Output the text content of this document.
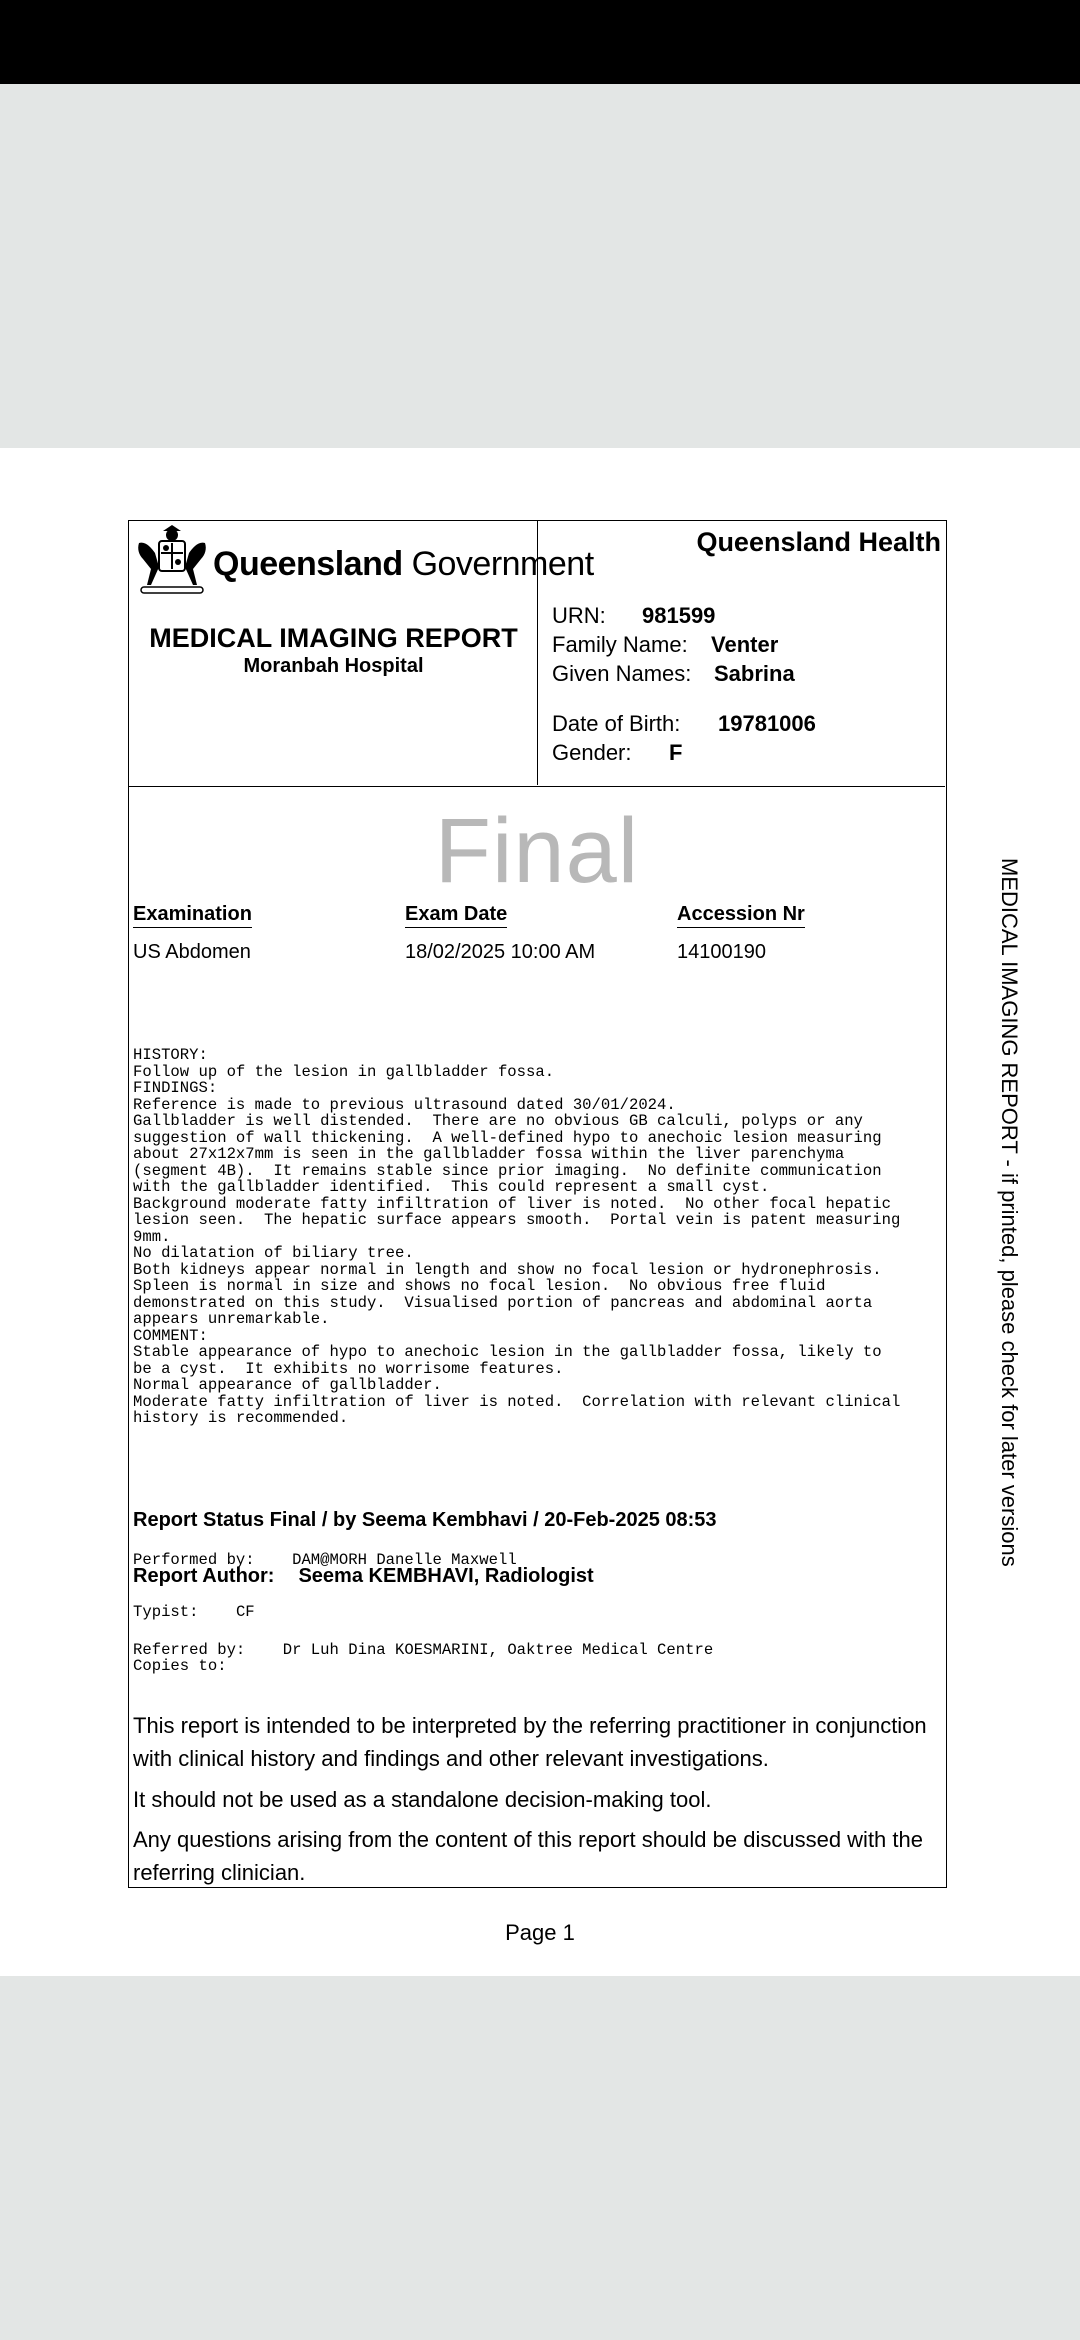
Queensland Government
MEDICAL IMAGING REPORT
Moranbah Hospital
Queensland Health
URN: 981599
Family Name: Venter
Given Names: Sabrina
Date of Birth: 19781006
Gender: F
Final
Examination	Exam Date	Accession Nr
US Abdomen	18/02/2025 10:00 AM	14100190
HISTORY:
Follow up of the lesion in gallbladder fossa.
FINDINGS:
Reference is made to previous ultrasound dated 30/01/2024.
Gallbladder is well distended.  There are no obvious GB calculi, polyps or any
suggestion of wall thickening.  A well-defined hypo to anechoic lesion measuring
about 27x12x7mm is seen in the gallbladder fossa within the liver parenchyma
(segment 4B).  It remains stable since prior imaging.  No definite communication
with the gallbladder identified.  This could represent a small cyst.
Background moderate fatty infiltration of liver is noted.  No other focal hepatic
lesion seen.  The hepatic surface appears smooth.  Portal vein is patent measuring
9mm.
No dilatation of biliary tree.
Both kidneys appear normal in length and show no focal lesion or hydronephrosis.
Spleen is normal in size and shows no focal lesion.  No obvious free fluid
demonstrated on this study.  Visualised portion of pancreas and abdominal aorta
appears unremarkable.
COMMENT:
Stable appearance of hypo to anechoic lesion in the gallbladder fossa, likely to
be a cyst.  It exhibits no worrisome features.
Normal appearance of gallbladder.
Moderate fatty infiltration of liver is noted.  Correlation with relevant clinical
history is recommended.
Report Status Final / by Seema Kembhavi / 20-Feb-2025 08:53
Performed by: DAM@MORH Danelle Maxwell
Report Author: Seema KEMBHAVI, Radiologist
Typist: CF
Referred by: Dr Luh Dina KOESMARINI, Oaktree Medical Centre
Copies to:
This report is intended to be interpreted by the referring practitioner in conjunction with clinical history and findings and other relevant investigations.
It should not be used as a standalone decision-making tool.
Any questions arising from the content of this report should be discussed with the referring clinician.
Page 1
MEDICAL IMAGING REPORT - if printed, please check for later versions
